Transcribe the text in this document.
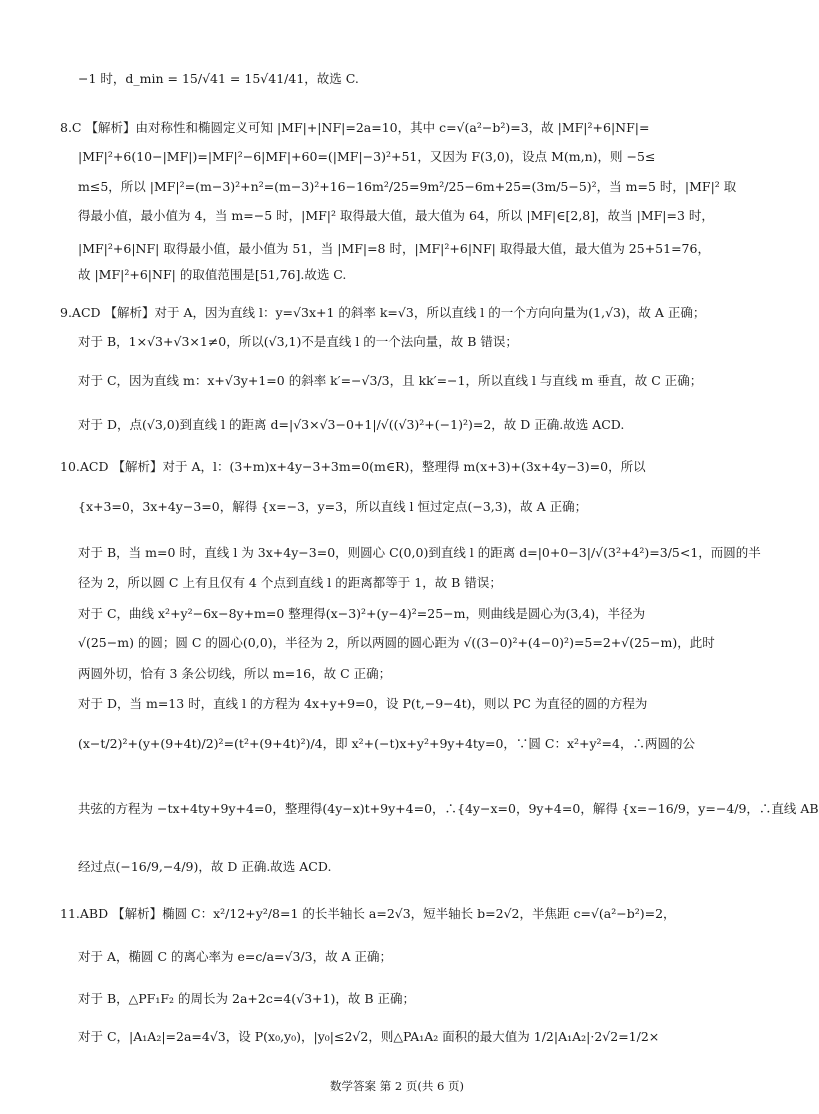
−1 时，d_min = 15/√41 = 15√41/41，故选 C.
8.C 【解析】由对称性和椭圆定义可知 |MF|+|NF|=2a=10，其中 c=√(a²−b²)=3，故 |MF|²+6|NF|=
|MF|²+6(10−|MF|)=|MF|²−6|MF|+60=(|MF|−3)²+51，又因为 F(3,0)，设点 M(m,n)，则 −5≤
m≤5，所以 |MF|²=(m−3)²+n²=(m−3)²+16−16m²/25=9m²/25−6m+25=(3m/5−5)²，当 m=5 时，|MF|² 取
得最小值，最小值为 4，当 m=−5 时，|MF|² 取得最大值，最大值为 64，所以 |MF|∈[2,8]，故当 |MF|=3 时，
|MF|²+6|NF| 取得最小值，最小值为 51，当 |MF|=8 时，|MF|²+6|NF| 取得最大值，最大值为 25+51=76，
故 |MF|²+6|NF| 的取值范围是[51,76].故选 C.
9.ACD 【解析】对于 A，因为直线 l：y=√3x+1 的斜率 k=√3，所以直线 l 的一个方向向量为(1,√3)，故 A 正确；
对于 B，1×√3+√3×1≠0，所以(√3,1)不是直线 l 的一个法向量，故 B 错误；
对于 C，因为直线 m：x+√3y+1=0 的斜率 k′=−√3/3，且 kk′=−1，所以直线 l 与直线 m 垂直，故 C 正确；
对于 D，点(√3,0)到直线 l 的距离 d=|√3×√3−0+1|/√((√3)²+(−1)²)=2，故 D 正确.故选 ACD.
10.ACD 【解析】对于 A，l：(3+m)x+4y−3+3m=0(m∈R)，整理得 m(x+3)+(3x+4y−3)=0，所以
{x+3=0，3x+4y−3=0，解得 {x=−3，y=3，所以直线 l 恒过定点(−3,3)，故 A 正确；
对于 B，当 m=0 时，直线 l 为 3x+4y−3=0，则圆心 C(0,0)到直线 l 的距离 d=|0+0−3|/√(3²+4²)=3/5<1，而圆的半
径为 2，所以圆 C 上有且仅有 4 个点到直线 l 的距离都等于 1，故 B 错误；
对于 C，曲线 x²+y²−6x−8y+m=0 整理得(x−3)²+(y−4)²=25−m，则曲线是圆心为(3,4)，半径为
√(25−m) 的圆；圆 C 的圆心(0,0)，半径为 2，所以两圆的圆心距为 √((3−0)²+(4−0)²)=5=2+√(25−m)，此时
两圆外切，恰有 3 条公切线，所以 m=16，故 C 正确；
对于 D，当 m=13 时，直线 l 的方程为 4x+y+9=0，设 P(t,−9−4t)，则以 PC 为直径的圆的方程为
(x−t/2)²+(y+(9+4t)/2)²=(t²+(9+4t)²)/4，即 x²+(−t)x+y²+9y+4ty=0，∵圆 C：x²+y²=4，∴两圆的公
共弦的方程为 −tx+4ty+9y+4=0，整理得(4y−x)t+9y+4=0，∴{4y−x=0，9y+4=0，解得 {x=−16/9，y=−4/9，∴直线 AB
经过点(−16/9,−4/9)，故 D 正确.故选 ACD.
11.ABD 【解析】椭圆 C：x²/12+y²/8=1 的长半轴长 a=2√3，短半轴长 b=2√2，半焦距 c=√(a²−b²)=2，
对于 A，椭圆 C 的离心率为 e=c/a=√3/3，故 A 正确；
对于 B，△PF₁F₂ 的周长为 2a+2c=4(√3+1)，故 B 正确；
对于 C，|A₁A₂|=2a=4√3，设 P(x₀,y₀)，|y₀|≤2√2，则△PA₁A₂ 面积的最大值为 1/2|A₁A₂|·2√2=1/2×
数学答案 第 2 页(共 6 页)
